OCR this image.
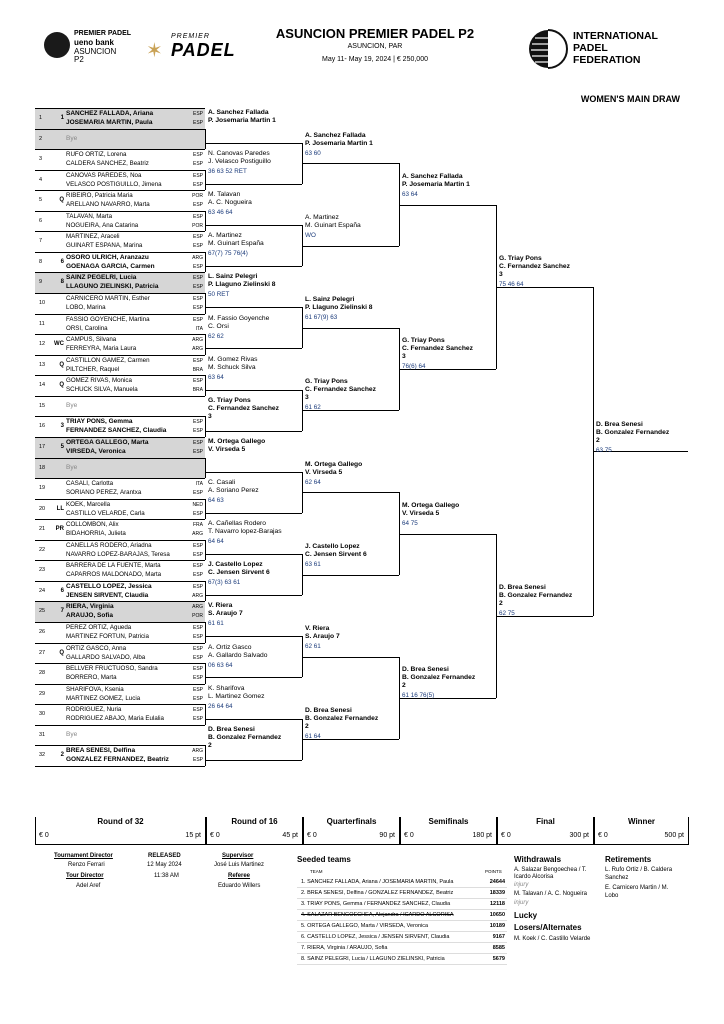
PREMIER PADEL
ueno bank
ASUNCION
P2	✶
PREMIER
PADEL
ASUNCION PREMIER PADEL P2
ASUNCION, PAR
May 11- May 19, 2024 | € 250,000
INTERNATIONAL
PADEL
FEDERATION
WOMEN'S MAIN DRAW
1	1
SANCHEZ FALLADA, Ariana
JOSEMARIA MARTIN, Paula
ESP
ESP
2	Bye
3
RUFO ORTIZ, Lorena
CALDERA SANCHEZ, Beatriz
ESP
ESP
4
CANOVAS PAREDES, Noa
VELASCO POSTIGUILLO, Jimena
ESP
ESP
5	Q
RIBEIRO, Patricia Maria
ARELLANO NAVARRO, Marta
POR
ESP
6
TALAVAN, Marta
NOGUEIRA, Ana Catarina
ESP
POR
7
MARTINEZ, Araceli
GUINART ESPAÑA, Marina
ESP
ESP
8	6
OSORO ULRICH, Aranzazu
GOENAGA GARCIA, Carmen
ARG
ESP
9	8
SAINZ PEGELRI, Lucia
LLAGUNO ZIELINSKI, Patricia
ESP
ESP
10
CARNICERO MARTIN, Esther
LOBO, Marina
ESP
ESP
11
FASSIO GOYENCHE, Martina
ORSI, Carolina
ESP
ITA
12	WC
CAMPUS, Silvana
FERREYRA, Maria Laura
ARG
ARG
13	Q
CASTILLON GAMEZ, Carmen
PILTCHER, Raquel
ESP
BRA
14	Q
GOMEZ RIVAS, Monica
SCHUCK SILVA, Manuela
ESP
BRA
15	Bye
16	3
TRIAY PONS, Gemma
FERNANDEZ SANCHEZ, Claudia
ESP
ESP
17	5
ORTEGA GALLEGO, Marta
VIRSEDA, Veronica
ESP
ESP
18	Bye
19
CASALI, Carlotta
SORIANO PEREZ, Arantxa
ITA
ESP
20	LL
KOEK, Marcella
CASTILLO VELARDE, Carla
NED
ESP
21	PR
COLLOMBON, Alix
BIDAHORRIA, Julieta
FRA
ARG
22
CAÑELLAS RODERO, Ariadna
NAVARRO LOPEZ-BARAJAS, Teresa
ESP
ESP
23
BARRERA DE LA FUENTE, Marta
CAPARROS MALDONADO, Marta
ESP
ESP
24	6
CASTELLO LOPEZ, Jessica
JENSEN SIRVENT, Claudia
ESP
ARG
25	7
RIERA, Virginia
ARAUJO, Sofia
ARG
POR
26
PEREZ ORTIZ, Agueda
MARTINEZ FORTUN, Patricia
ESP
ESP
27	Q
ORTIZ GASCO, Anna
GALLARDO SALVADO, Alba
ESP
ESP
28
BELLVER FRUCTUOSO, Sandra
BORRERO, Marta
ESP
ESP
29
SHARIFOVA, Ksenia
MARTINEZ GOMEZ, Lucia
ESP
ESP
30
RODRIGUEZ, Nuria
RODRIGUEZ ABAJO, Maria Eulalia
ESP
ESP
31	Bye
32	2
BREA SENESI, Delfina
GONZALEZ FERNANDEZ, Beatriz
ARG
ESP
A. Sanchez Fallada
P. Josemaria Martin 1
N. Canovas Paredes
J. Velasco Postiguillo
36 63 52 RET
M. Talavan
A. C. Nogueira
63 46 64
A. Martinez
M. Guinart España
67(7) 75 76(4)
L. Sainz Pelegri
P. Llaguno Zielinski 8
50 RET
M. Fassio Goyenche
C. Orsi
62 62
M. Gomez Rivas
M. Schuck Silva
63 64
G. Triay Pons
C. Fernandez Sanchez
3
M. Ortega Gallego
V. Virseda 5
C. Casali
A. Soriano Perez
64 63
A. Cañellas Rodero
T. Navarro lopez-Barajas
64 64
J. Castello Lopez
C. Jensen Sirvent 6
67(3) 63 61
V. Riera
S. Araujo 7
61 61
A. Ortiz Gasco
A. Gallardo Salvado
06 63 64
K. Sharifova
L. Martinez Gomez
26 64 64
D. Brea Senesi
B. Gonzalez Fernandez
2
A. Sanchez Fallada
P. Josemaria Martin 1
63 60
A. Martinez
M. Guinart España
WO
L. Sainz Pelegri
P. Llaguno Zielinski 8
61 67(9) 63
G. Triay Pons
C. Fernandez Sanchez
3
61 62
M. Ortega Gallego
V. Virseda 5
62 64
J. Castello Lopez
C. Jensen Sirvent 6
63 61
V. Riera
S. Araujo 7
62 61
D. Brea Senesi
B. Gonzalez Fernandez
2
61 64
A. Sanchez Fallada
P. Josemaria Martin 1
63 64
G. Triay Pons
C. Fernandez Sanchez
3
76(6) 64
M. Ortega Gallego
V. Virseda 5
64 75
D. Brea Senesi
B. Gonzalez Fernandez
2
61 16 76(5)
G. Triay Pons
C. Fernandez Sanchez
3
75 46 64
D. Brea Senesi
B. Gonzalez Fernandez
2
62 75
D. Brea Senesi
B. Gonzalez Fernandez
2
63 75
Round of 32
€ 0	15 pt
Round of 16
€ 0	45 pt
Quarterfinals
€ 0	90 pt
Semifinals
€ 0	180 pt
Final
€ 0	300 pt
Winner
€ 0	500 pt
Tournament Director
Renzo Ferrari
Tour Director
Adel Aref
RELEASED
12 May 2024
11:38 AM
Supervisor
José Luis Martinez
Referee
Eduardo Willers
Seeded teams
TEAM	POINTS
1. SANCHEZ FALLADA, Ariana / JOSEMARIA MARTIN, Paula	24644
2. BREA SENESI, Delfina / GONZALEZ FERNANDEZ, Beatriz	18339
3. TRIAY PONS, Gemma / FERNANDEZ SANCHEZ, Claudia	12118
4. SALAZAR BENGOECHEA, Alejandra / ICARDO ALCORISA	10650
5. ORTEGA GALLEGO, Marta / VIRSEDA, Veronica	10189
6. CASTELLO LOPEZ, Jessica / JENSEN SIRVENT, Claudia	9167
7. RIERA, Virginia / ARAUJO, Sofia	8585
8. SAINZ PELEGRI, Lucia / LLAGUNO ZIELINSKI, Patricia	5679
Withdrawals
A. Salazar Bengoechea / T.
Icardo Alcorisa
injury
M. Talavan / A. C. Nogueira
injury
Lucky
Losers/Alternates
M. Koek / C. Castillo Velarde
Retirements
L. Rufo Ortiz / B. Caldera
Sanchez
E. Carnicero Martin / M.
Lobo
